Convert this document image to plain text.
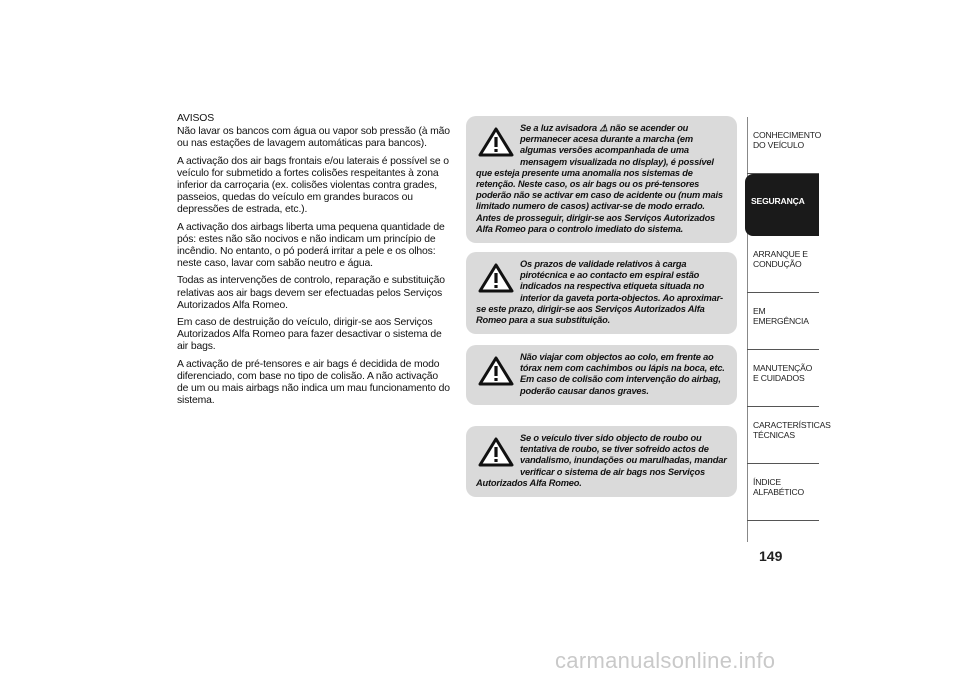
AVISOS

Não lavar os bancos com água ou vapor sob pressão (à mão ou nas estações de lavagem automáticas para bancos).

A activação dos air bags frontais e/ou laterais é possível se o veículo for submetido a fortes colisões respeitantes à zona inferior da carroçaria (ex. colisões violentas contra grades, passeios, quedas do veículo em grandes buracos ou depressões de estrada, etc.).

A activação dos airbags liberta uma pequena quantidade de pós: estes não são nocivos e não indicam um princípio de incêndio. No entanto, o pó poderá irritar a pele e os olhos: neste caso, lavar com sabão neutro e água.

Todas as intervenções de controlo, reparação e substituição relativas aos air bags devem ser efectuadas pelos Serviços Autorizados Alfa Romeo.

Em caso de destruição do veículo, dirigir-se aos Serviços Autorizados Alfa Romeo para fazer desactivar o sistema de air bags.

A activação de pré-tensores e air bags é decidida de modo diferenciado, com base no tipo de colisão. A não activação de um ou mais airbags não indica um mau funcionamento do sistema.

Se a luz avisadora ⚠ não se acender ou permanecer acesa durante a marcha (em algumas versões acompanhada de uma mensagem visualizada no display), é possível que esteja presente uma anomalia nos sistemas de retenção. Neste caso, os air bags ou os pré-tensores poderão não se activar em caso de acidente ou (num mais limitado numero de casos) activar-se de modo errado. Antes de prosseguir, dirigir-se aos Serviços Autorizados Alfa Romeo para o controlo imediato do sistema.

Os prazos de validade relativos à carga pirotécnica e ao contacto em espiral estão indicados na respectiva etiqueta situada no interior da gaveta porta-objectos. Ao aproximar-se este prazo, dirigir-se aos Serviços Autorizados Alfa Romeo para a sua substituição.

Não viajar com objectos ao colo, em frente ao tórax nem com cachimbos ou lápis na boca, etc. Em caso de colisão com intervenção do airbag, poderão causar danos graves.

Se o veículo tiver sido objecto de roubo ou tentativa de roubo, se tiver sofreido actos de vandalismo, inundações ou marulhadas, mandar verificar o sistema de air bags nos Serviços Autorizados Alfa Romeo.

CONHECIMENTO DO VEÍCULO
SEGURANÇA
ARRANQUE E CONDUÇÃO
EM EMERGÊNCIA
MANUTENÇÃO E CUIDADOS
CARACTERÍSTICAS TÉCNICAS
ÍNDICE ALFABÉTICO
149
carmanualsonline.info
